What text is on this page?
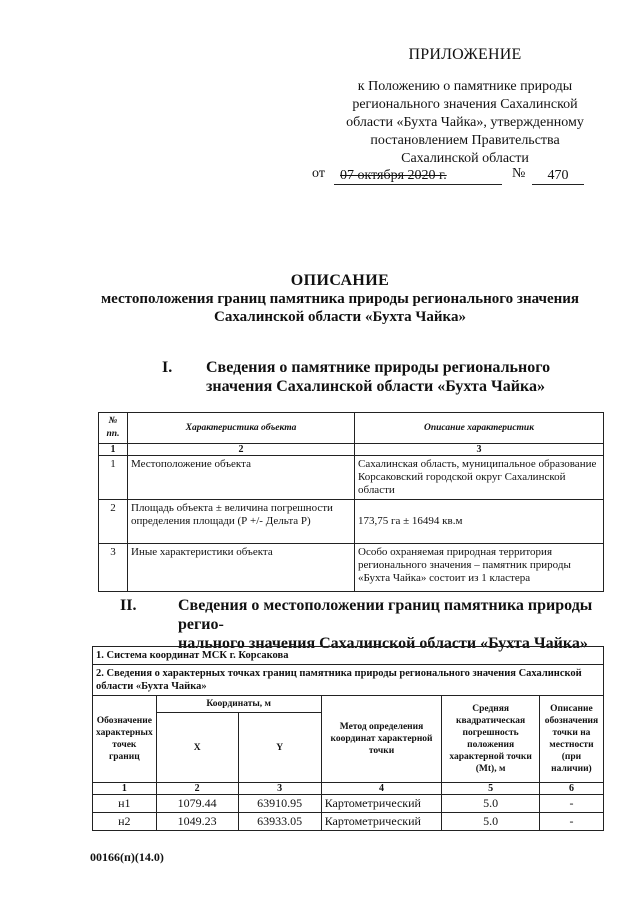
ПРИЛОЖЕНИЕ
к Положению о памятнике природы
регионального значения Сахалинской
области «Бухта Чайка», утвержденному
постановлением Правительства
Сахалинской области
от	07 октября 2020 г.	№	470
ОПИСАНИЕ
местоположения границ памятника природы регионального значения
Сахалинской области «Бухта Чайка»
I. Сведения о памятнике природы регионального
значения Сахалинской области «Бухта Чайка»
№ пп.	Характеристика объекта	Описание характеристик
1	2	3
1	Местоположение объекта	Сахалинская область, муниципальное образование Корсаковский городской округ Сахалинской области
2	Площадь объекта ± величина погрешности определения площади (Р +/- Дельта Р)	173,75 га ± 16494 кв.м
3	Иные характеристики объекта	Особо охраняемая природная территория регионального значения – памятник природы «Бухта Чайка» состоит из 1 кластера
II.	Сведения о местоположении границ памятника природы регио-
нального значения Сахалинской области «Бухта Чайка»
1. Система координат МСК г. Корсакова					
2. Сведения о характерных точках границ памятника природы регионального значения Сахалинской области «Бухта Чайка»					
Обозначение характерных точек границ	Координаты, м		Метод определения координат характерной точки	Средняя квадратическая погрешность положения характерной точки (Mt), м	Описание обозначения точки на местности (при наличии)
	X	Y			
1	2	3	4	5	6
н1	1079.44	63910.95	Картометрический	5.0	-
н2	1049.23	63933.05	Картометрический	5.0	-
00166(п)(14.0)
